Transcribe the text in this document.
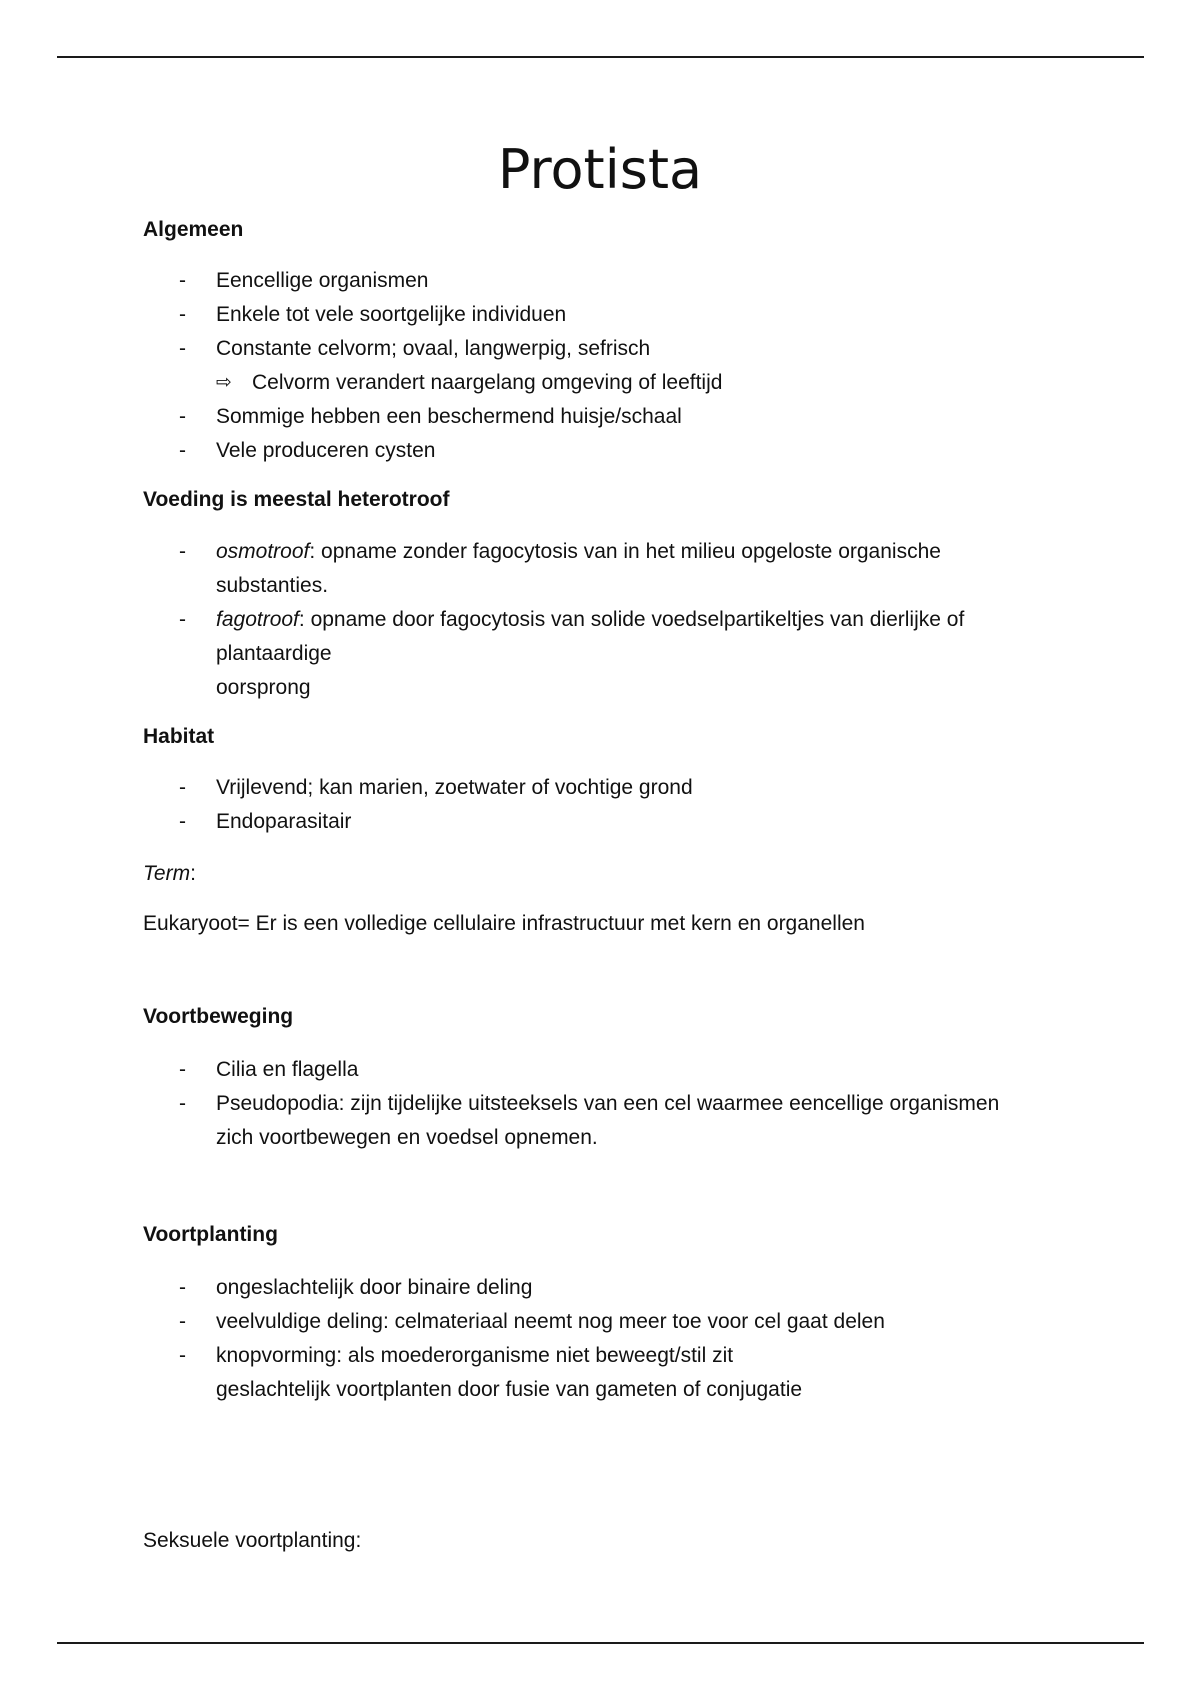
Protista

Algemeen

- Eencellige organismen
- Enkele tot vele soortgelijke individuen
- Constante celvorm; ovaal, langwerpig, sefrisch
⇨ Celvorm verandert naargelang omgeving of leeftijd
- Sommige hebben een beschermend huisje/schaal
- Vele produceren cysten

Voeding is meestal heterotroof

- osmotroof: opname zonder fagocytosis van in het milieu opgeloste organische
substanties.
- fagotroof: opname door fagocytosis van solide voedselpartikeltjes van dierlijke of
plantaardige
oorsprong

Habitat

- Vrijlevend; kan marien, zoetwater of vochtige grond
- Endoparasitair

Term:

Eukaryoot= Er is een volledige cellulaire infrastructuur met kern en organellen

Voortbeweging

- Cilia en flagella
- Pseudopodia: zijn tijdelijke uitsteeksels van een cel waarmee eencellige organismen
zich voortbewegen en voedsel opnemen.

Voortplanting

- ongeslachtelijk door binaire deling
- veelvuldige deling: celmateriaal neemt nog meer toe voor cel gaat delen
- knopvorming: als moederorganisme niet beweegt/stil zit
geslachtelijk voortplanten door fusie van gameten of conjugatie

Seksuele voortplanting:
